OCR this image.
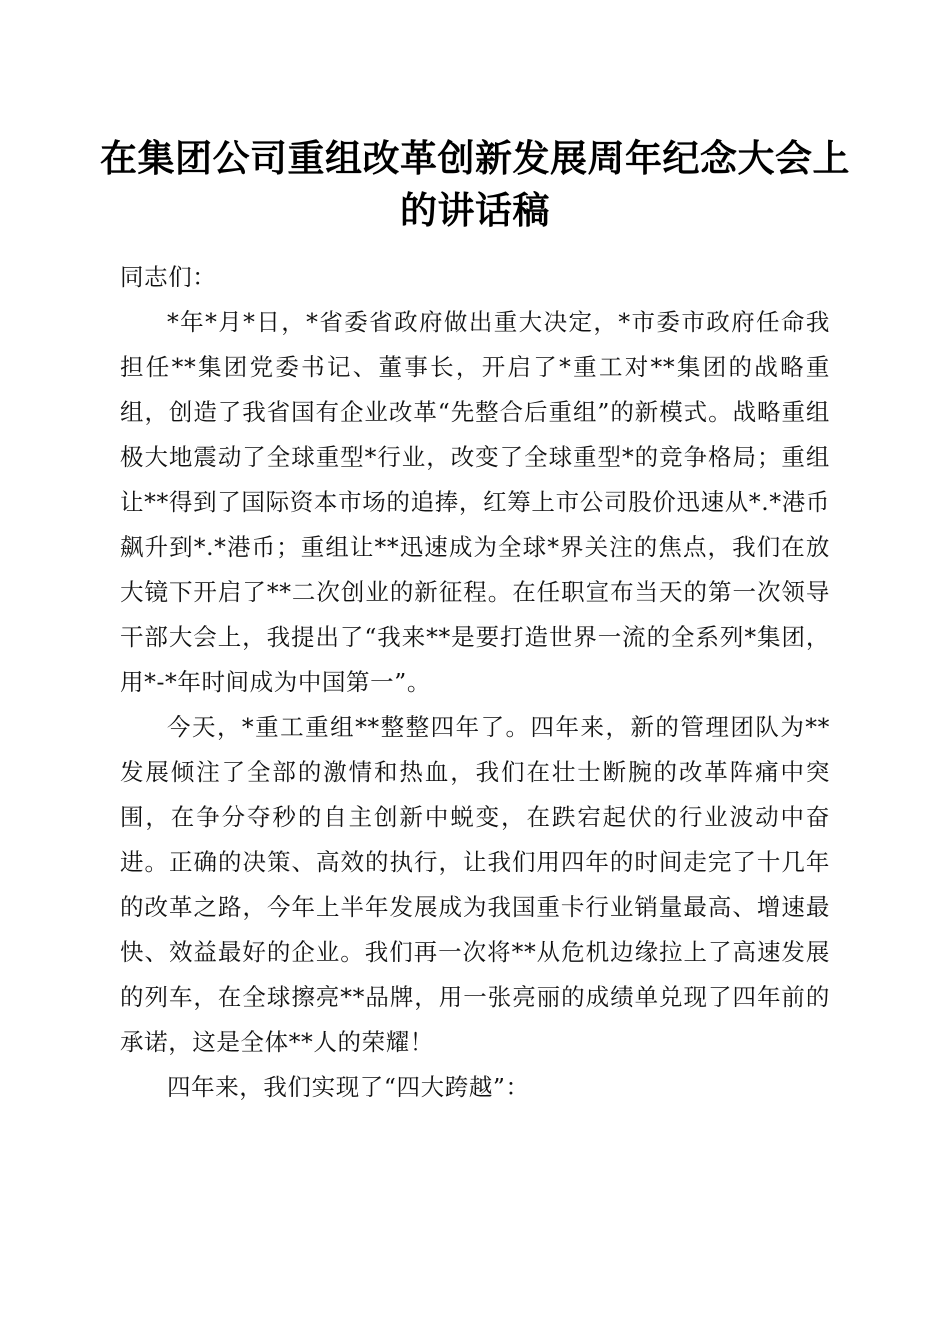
在集团公司重组改革创新发展周年纪念大会上
的讲话稿

同志们：

*年*月*日，*省委省政府做出重大决定，*市委市政府任命我担任**集团党委书记、董事长，开启了*重工对**集团的战略重组，创造了我省国有企业改革“先整合后重组”的新模式。战略重组极大地震动了全球重型*行业，改变了全球重型*的竞争格局；重组让**得到了国际资本市场的追捧，红筹上市公司股价迅速从*.*港币飙升到*.*港币；重组让**迅速成为全球*界关注的焦点，我们在放大镜下开启了**二次创业的新征程。在任职宣布当天的第一次领导干部大会上，我提出了“我来**是要打造世界一流的全系列*集团，用*-*年时间成为中国第一”。

今天，*重工重组**整整四年了。四年来，新的管理团队为**发展倾注了全部的激情和热血，我们在壮士断腕的改革阵痛中突围，在争分夺秒的自主创新中蜕变，在跌宕起伏的行业波动中奋进。正确的决策、高效的执行，让我们用四年的时间走完了十几年的改革之路，今年上半年发展成为我国重卡行业销量最高、增速最快、效益最好的企业。我们再一次将**从危机边缘拉上了高速发展的列车，在全球擦亮**品牌，用一张亮丽的成绩单兑现了四年前的承诺，这是全体**人的荣耀！

四年来，我们实现了“四大跨越”：
